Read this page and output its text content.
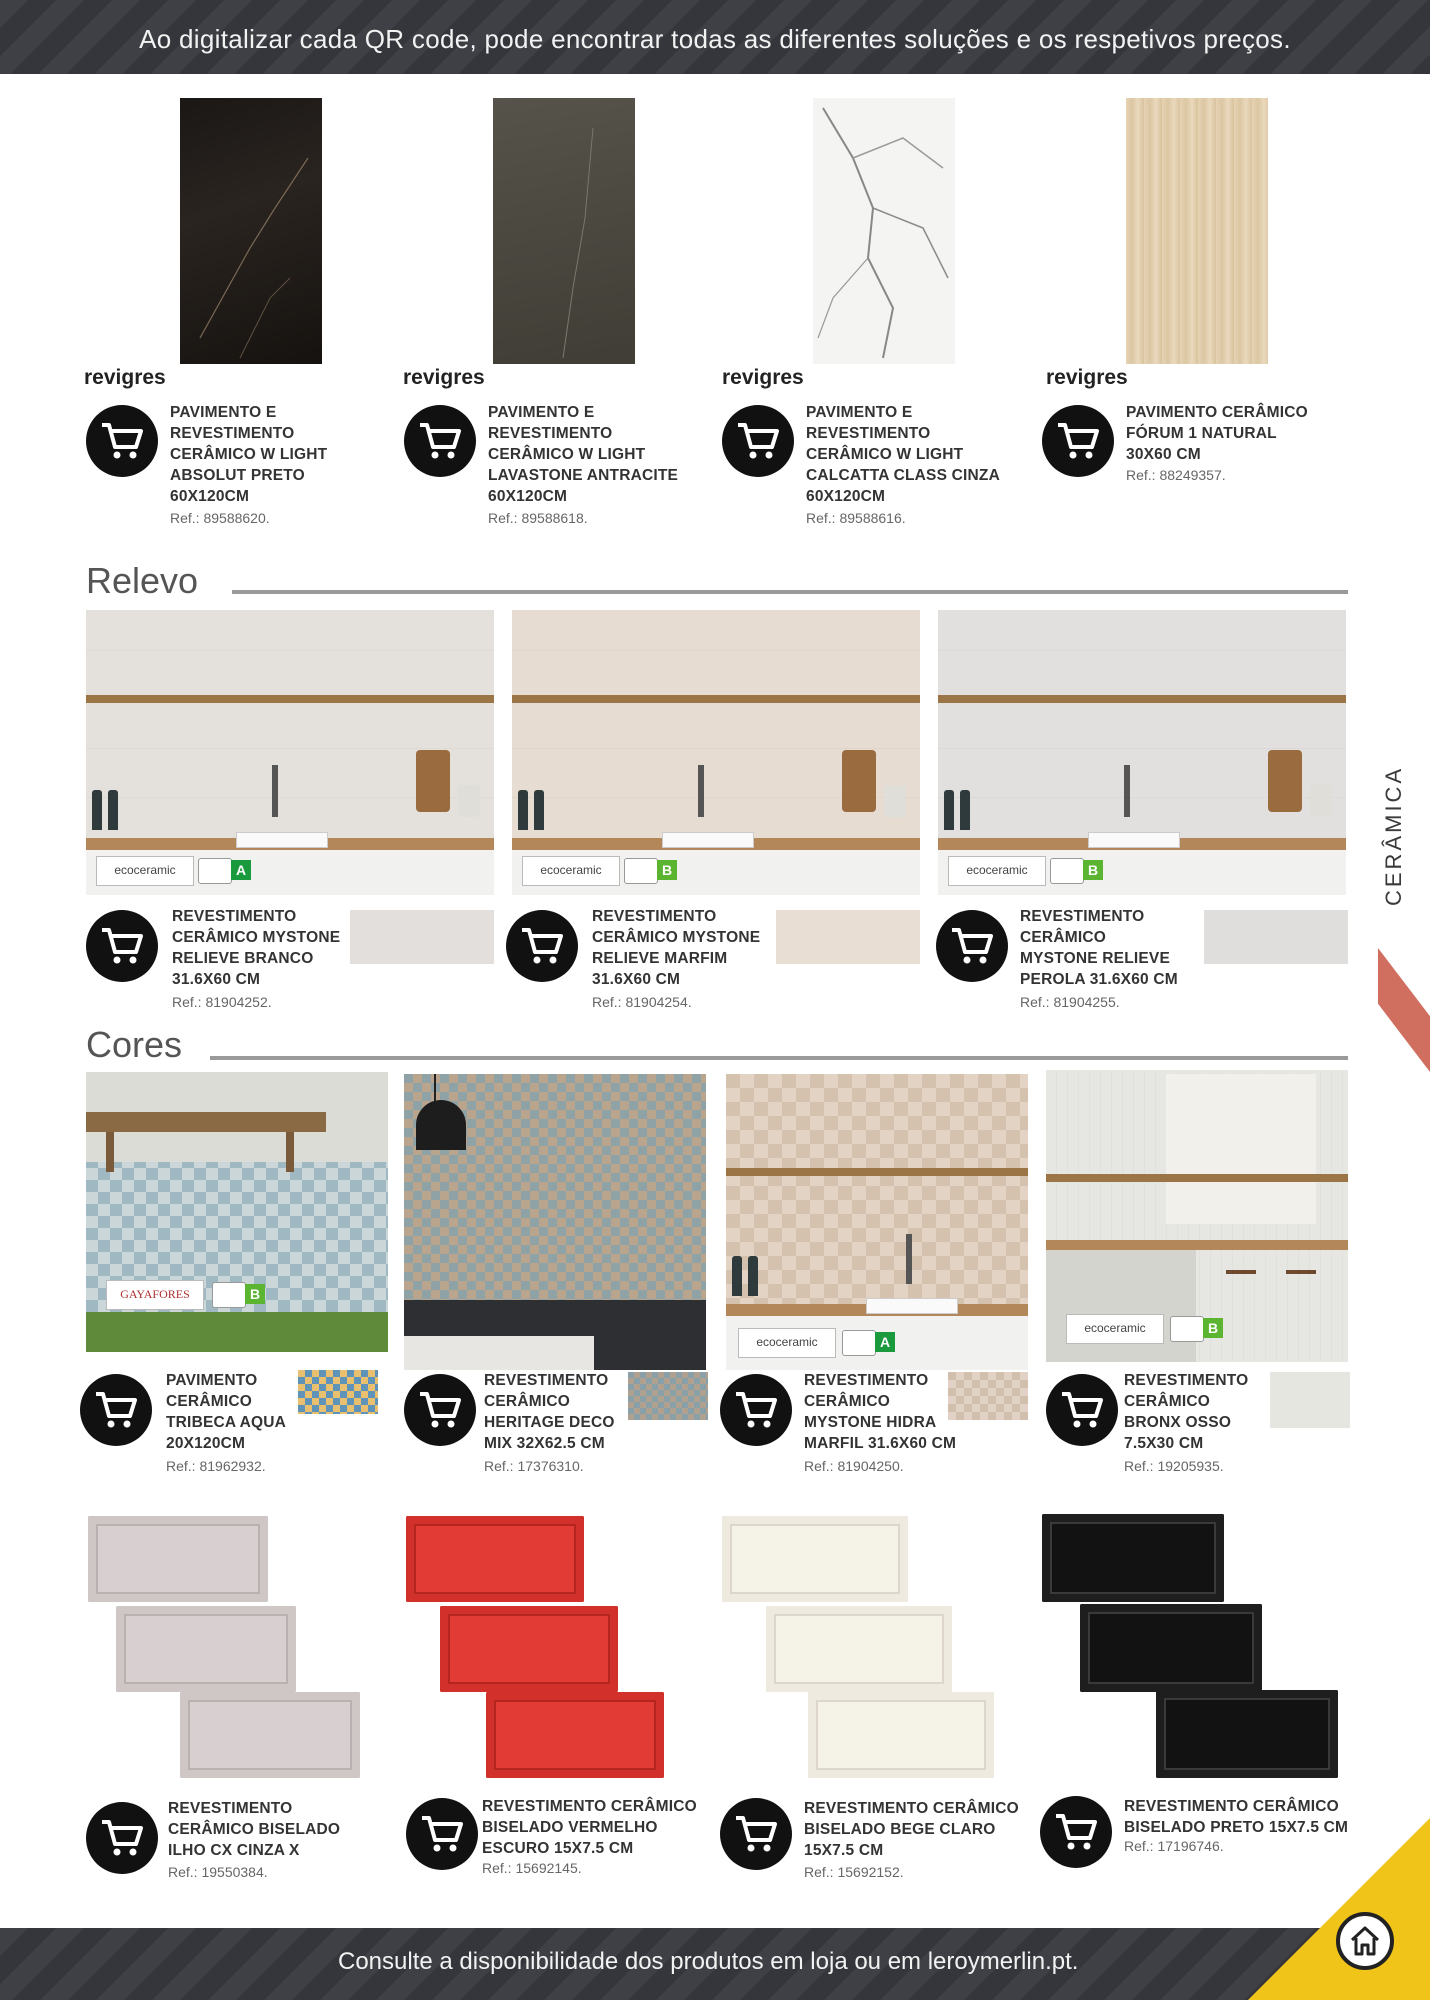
Ao digitalizar cada QR code, pode encontrar todas as diferentes soluções e os respetivos preços.
CERÂMICA
revigres	revigres	revigres	revigres
PAVIMENTO E
REVESTIMENTO
CERÂMICO W LIGHT
ABSOLUT PRETO
60X120CM
Ref.: 89588620.
PAVIMENTO E
REVESTIMENTO
CERÂMICO W LIGHT
LAVASTONE ANTRACITE
60X120CM
Ref.: 89588618.
PAVIMENTO E
REVESTIMENTO
CERÂMICO W LIGHT
CALCATTA CLASS CINZA
60X120CM
Ref.: 89588616.
PAVIMENTO CERÂMICO
FÓRUM 1 NATURAL
30X60 CM
Ref.: 88249357.
Relevo
ecoceramic	A	ecoceramic	B	ecoceramic	B
REVESTIMENTO
CERÂMICO MYSTONE
RELIEVE BRANCO
31.6X60 CM
Ref.: 81904252.
REVESTIMENTO
CERÂMICO MYSTONE
RELIEVE MARFIM
31.6X60 CM
Ref.: 81904254.
REVESTIMENTO
CERÂMICO
MYSTONE RELIEVE
PEROLA 31.6X60 CM
Ref.: 81904255.
Cores
GAYAFORES	B
ecoceramic	A
ecoceramic	B
PAVIMENTO
CERÂMICO
TRIBECA AQUA
20X120CM
Ref.: 81962932.
REVESTIMENTO
CERÂMICO
HERITAGE DECO
MIX 32X62.5 CM
Ref.: 17376310.
REVESTIMENTO
CERÂMICO
MYSTONE HIDRA
MARFIL 31.6X60 CM
Ref.: 81904250.
REVESTIMENTO
CERÂMICO
BRONX OSSO
7.5X30 CM
Ref.: 19205935.
REVESTIMENTO
CERÂMICO BISELADO
ILHO CX CINZA X
Ref.: 19550384.
REVESTIMENTO CERÂMICO
BISELADO VERMELHO
ESCURO 15X7.5 CM
Ref.: 15692145.
REVESTIMENTO CERÂMICO
BISELADO BEGE CLARO
15X7.5 CM
Ref.: 15692152.
REVESTIMENTO CERÂMICO
BISELADO PRETO 15X7.5 CM
Ref.: 17196746.
Consulte a disponibilidade dos produtos em loja ou em leroymerlin.pt.
